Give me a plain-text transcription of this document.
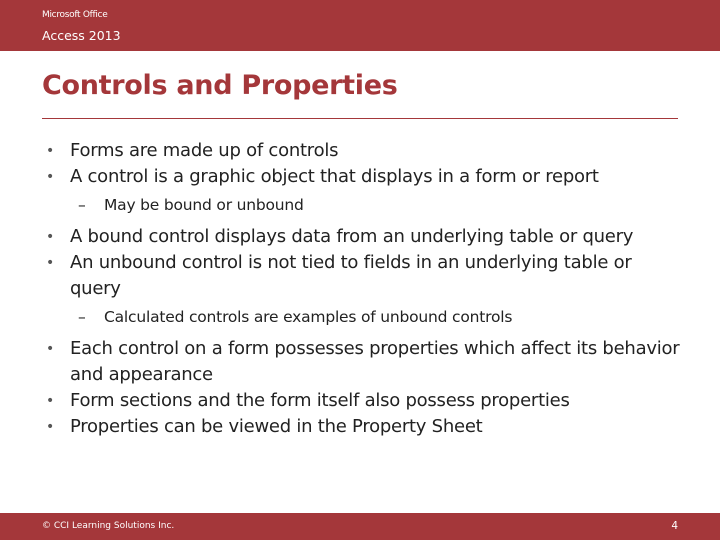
Microsoft Office
Access 2013
Controls and Properties
• Forms are made up of controls
• A control is a graphic object that displays in a form or report
–	May be bound or unbound
• A bound control displays data from an underlying table or query
• An unbound control is not tied to fields in an underlying table or query
–	Calculated controls are examples of unbound controls
• Each control on a form possesses properties which affect its behavior and appearance
• Form sections and the form itself also possess properties
• Properties can be viewed in the Property Sheet
© CCI Learning Solutions Inc.	4
